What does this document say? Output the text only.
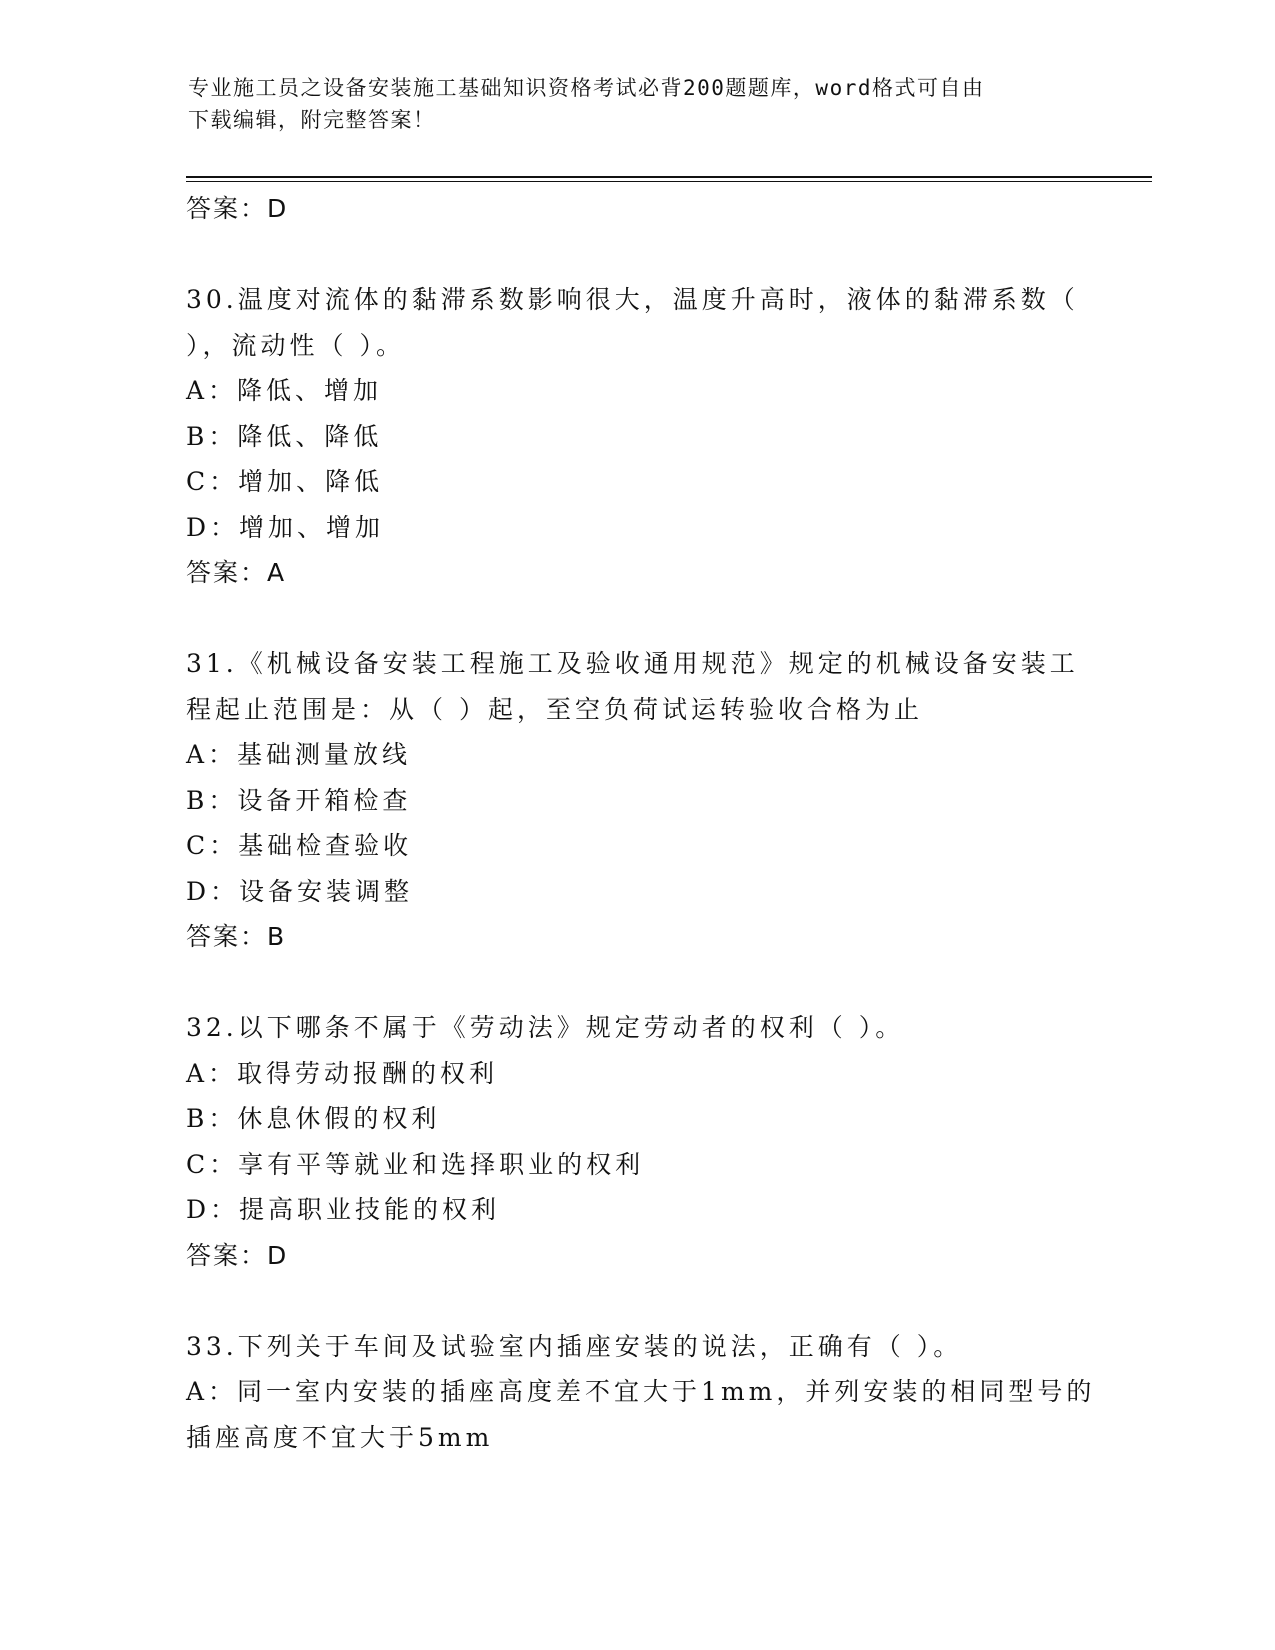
专业施工员之设备安装施工基础知识资格考试必背200题题库，word格式可自由
下载编辑，附完整答案！
答案：D
30.温度对流体的黏滞系数影响很大，温度升高时，液体的黏滞系数（
），流动性（ ）。
A：降低、增加
B：降低、降低
C：增加、降低
D：增加、增加
答案：A
31.《机械设备安装工程施工及验收通用规范》规定的机械设备安装工
程起止范围是：从（ ）起，至空负荷试运转验收合格为止
A：基础测量放线
B：设备开箱检查
C：基础检查验收
D：设备安装调整
答案：B
32.以下哪条不属于《劳动法》规定劳动者的权利（ ）。
A：取得劳动报酬的权利
B：休息休假的权利
C：享有平等就业和选择职业的权利
D：提高职业技能的权利
答案：D
33.下列关于车间及试验室内插座安装的说法，正确有（ ）。
A：同一室内安装的插座高度差不宜大于1mm，并列安装的相同型号的
插座高度不宜大于5mm
